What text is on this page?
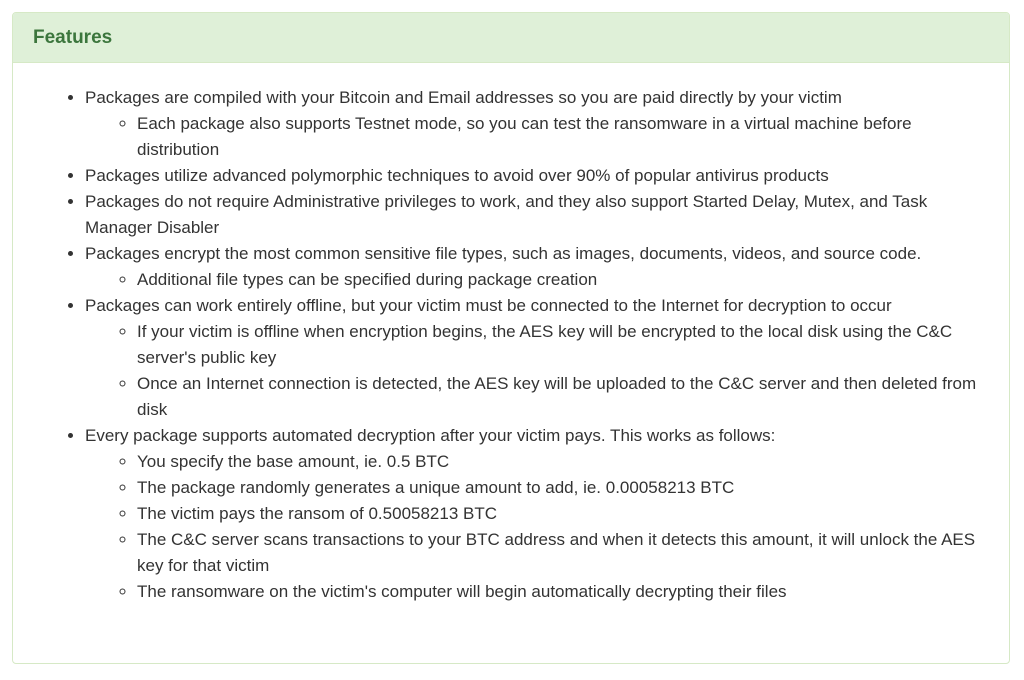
Features
• Packages are compiled with your Bitcoin and Email addresses so you are paid directly by your victim
◦ Each package also supports Testnet mode, so you can test the ransomware in a virtual machine before distribution
• Packages utilize advanced polymorphic techniques to avoid over 90% of popular antivirus products
• Packages do not require Administrative privileges to work, and they also support Started Delay, Mutex, and Task Manager Disabler
• Packages encrypt the most common sensitive file types, such as images, documents, videos, and source code.
◦ Additional file types can be specified during package creation
• Packages can work entirely offline, but your victim must be connected to the Internet for decryption to occur
◦ If your victim is offline when encryption begins, the AES key will be encrypted to the local disk using the C&C server's public key
◦ Once an Internet connection is detected, the AES key will be uploaded to the C&C server and then deleted from disk
• Every package supports automated decryption after your victim pays. This works as follows:
◦ You specify the base amount, ie. 0.5 BTC
◦ The package randomly generates a unique amount to add, ie. 0.00058213 BTC
◦ The victim pays the ransom of 0.50058213 BTC
◦ The C&C server scans transactions to your BTC address and when it detects this amount, it will unlock the AES key for that victim
◦ The ransomware on the victim's computer will begin automatically decrypting their files
